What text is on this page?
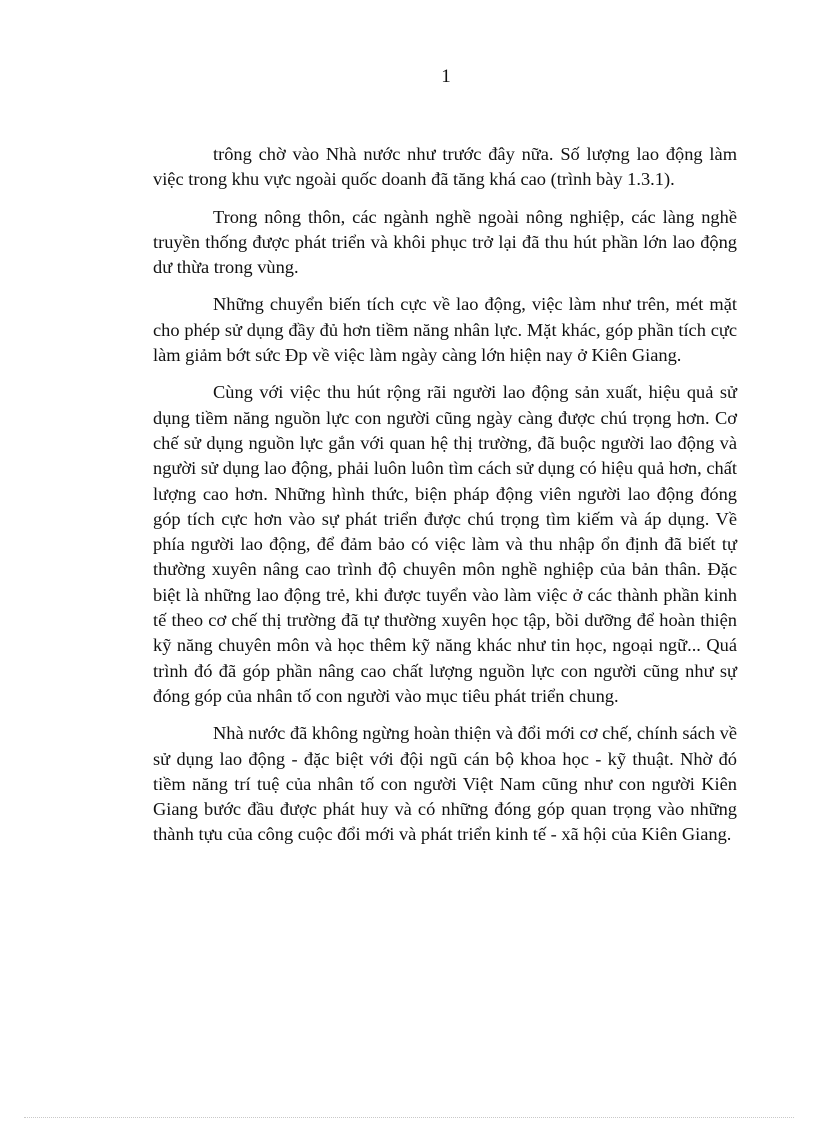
1

trông chờ vào Nhà nước như trước đây nữa. Số lượng lao động làm việc trong khu vực ngoài quốc doanh đã tăng khá cao (trình bày 1.3.1).

Trong nông thôn, các ngành nghề ngoài nông nghiệp, các làng nghề truyền thống được phát triển và khôi phục trở lại đã thu hút phần lớn lao động dư thừa trong vùng.

Những chuyển biến tích cực về lao động, việc làm như trên, mét mặt cho phép sử dụng đầy đủ hơn tiềm năng nhân lực. Mặt khác, góp phần tích cực làm giảm bớt sức Ðp về việc làm ngày càng lớn hiện nay ở Kiên Giang.

Cùng với việc thu hút rộng rãi người lao động sản xuất, hiệu quả sử dụng tiềm năng nguồn lực con người cũng ngày càng được chú trọng hơn. Cơ chế sử dụng nguồn lực gắn với quan hệ thị trường, đã buộc người lao động và người sử dụng lao động, phải luôn luôn tìm cách sử dụng có hiệu quả hơn, chất lượng cao hơn. Những hình thức, biện pháp động viên người lao động đóng góp tích cực hơn vào sự phát triển được chú trọng tìm kiếm và áp dụng. Về phía người lao động, để đảm bảo có việc làm và thu nhập ổn định đã biết tự thường xuyên nâng cao trình độ chuyên môn nghề nghiệp của bản thân. Đặc biệt là những lao động trẻ, khi được tuyển vào làm việc ở các thành phần kinh tế theo cơ chế thị trường đã tự thường xuyên học tập, bồi dưỡng để hoàn thiện kỹ năng chuyên môn và học thêm kỹ năng khác như tin học, ngoại ngữ... Quá trình đó đã góp phần nâng cao chất lượng nguồn lực con người cũng như sự đóng góp của nhân tố con người vào mục tiêu phát triển chung.

Nhà nước đã không ngừng hoàn thiện và đổi mới cơ chế, chính sách về sử dụng lao động - đặc biệt với đội ngũ cán bộ khoa học - kỹ thuật. Nhờ đó tiềm năng trí tuệ của nhân tố con người Việt Nam cũng như con người Kiên Giang bước đầu được phát huy và có những đóng góp quan trọng vào những thành tựu của công cuộc đổi mới và phát triển kinh tế - xã hội của Kiên Giang.
